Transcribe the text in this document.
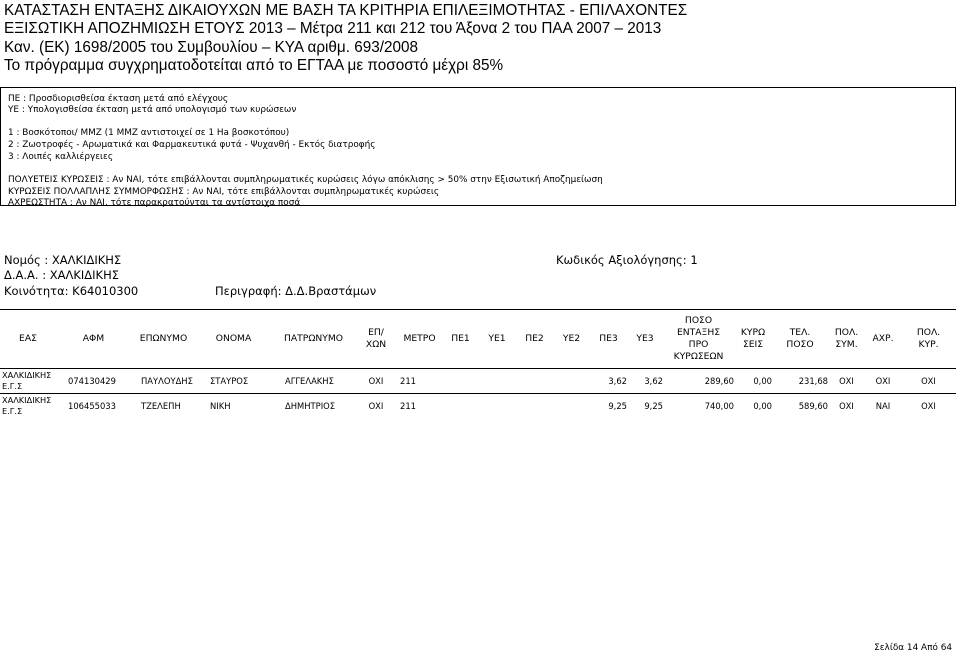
ΚΑΤΑΣΤΑΣΗ ΕΝΤΑΞΗΣ ΔΙΚΑΙΟΥΧΩΝ ΜΕ ΒΑΣΗ ΤΑ ΚΡΙΤΗΡΙΑ ΕΠΙΛΕΞΙΜΟΤΗΤΑΣ - ΕΠΙΛΑΧΟΝΤΕΣ
ΕΞΙΣΩΤΙΚΗ ΑΠΟΖΗΜΙΩΣΗ ΕΤΟΥΣ 2013 – Μέτρα 211 και 212 του Άξονα 2 του ΠΑΑ 2007 – 2013
Καν. (ΕΚ) 1698/2005 του Συμβουλίου – ΚΥΑ αριθμ. 693/2008
Το πρόγραμμα συγχρηματοδοτείται από το ΕΓΤΑΑ με ποσοστό μέχρι 85%
ΠΕ : Προσδιορισθείσα έκταση μετά από ελέγχους
ΥΕ : Υπολογισθείσα έκταση μετά από υπολογισμό των κυρώσεων
1 : Βοσκότοποι/ ΜΜΖ (1 ΜΜΖ αντιστοιχεί σε 1 Ha βοσκοτόπου)
2 : Ζωοτροφές - Αρωματικά και Φαρμακευτικά φυτά - Ψυχανθή - Εκτός διατροφής
3 : Λοιπές καλλιέργειες
ΠΟΛΥΕΤΕΙΣ ΚΥΡΩΣΕΙΣ : Αν ΝΑΙ, τότε επιβάλλονται συμπληρωματικές κυρώσεις λόγω απόκλισης > 50% στην Εξισωτική Αποζημείωση
ΚΥΡΩΣΕΙΣ ΠΟΛΛΑΠΛΗΣ ΣΥΜΜΟΡΦΩΣΗΣ : Αν ΝΑΙ, τότε επιβάλλονται συμπληρωματικές κυρώσεις
ΑΧΡΕΩΣΤΗΤΑ : Αν ΝΑΙ, τότε παρακρατούνται τα αντίστοιχα ποσά
Νομός : ΧΑΛΚΙΔΙΚΗΣ	Κωδικός Αξιολόγησης: 1
Δ.Α.Α. : ΧΑΛΚΙΔΙΚΗΣ
Κοινότητα: Κ64010300	Περιγραφή: Δ.Δ.Βραστάμων
ΕΑΣ	ΑΦΜ	ΕΠΩΝΥΜΟ	ΟΝΟΜΑ	ΠΑΤΡΩΝΥΜΟ	ΕΠ/ ΧΩΝ	ΜΕΤΡΟ	ΠΕ1	ΥΕ1	ΠΕ2	ΥΕ2	ΠΕ3	ΥΕ3	ΠΟΣΟ ΕΝΤΑΞΗΣ ΠΡΟ ΚΥΡΩΣΕΩΝ	ΚΥΡΩ ΣΕΙΣ	ΤΕΛ. ΠΟΣΟ	ΠΟΛ. ΣΥΜ.	ΑΧΡ.	ΠΟΛ. ΚΥΡ.
ΧΑΛΚΙΔΙΚΗΣ Ε.Γ.Σ	074130429	ΠΑΥΛΟΥΔΗΣ	ΣΤΑΥΡΟΣ	ΑΓΓΕΛΑΚΗΣ	ΟΧΙ	211					3,62	3,62	289,60	0,00	231,68	ΟΧΙ	ΟΧΙ	ΟΧΙ
ΧΑΛΚΙΔΙΚΗΣ Ε.Γ.Σ	106455033	ΤΖΕΛΕΠΗ	ΝΙΚΗ	ΔΗΜΗΤΡΙΟΣ	ΟΧΙ	211					9,25	9,25	740,00	0,00	589,60	ΟΧΙ	ΝΑΙ	ΟΧΙ
Σελίδα 14 Από 64
